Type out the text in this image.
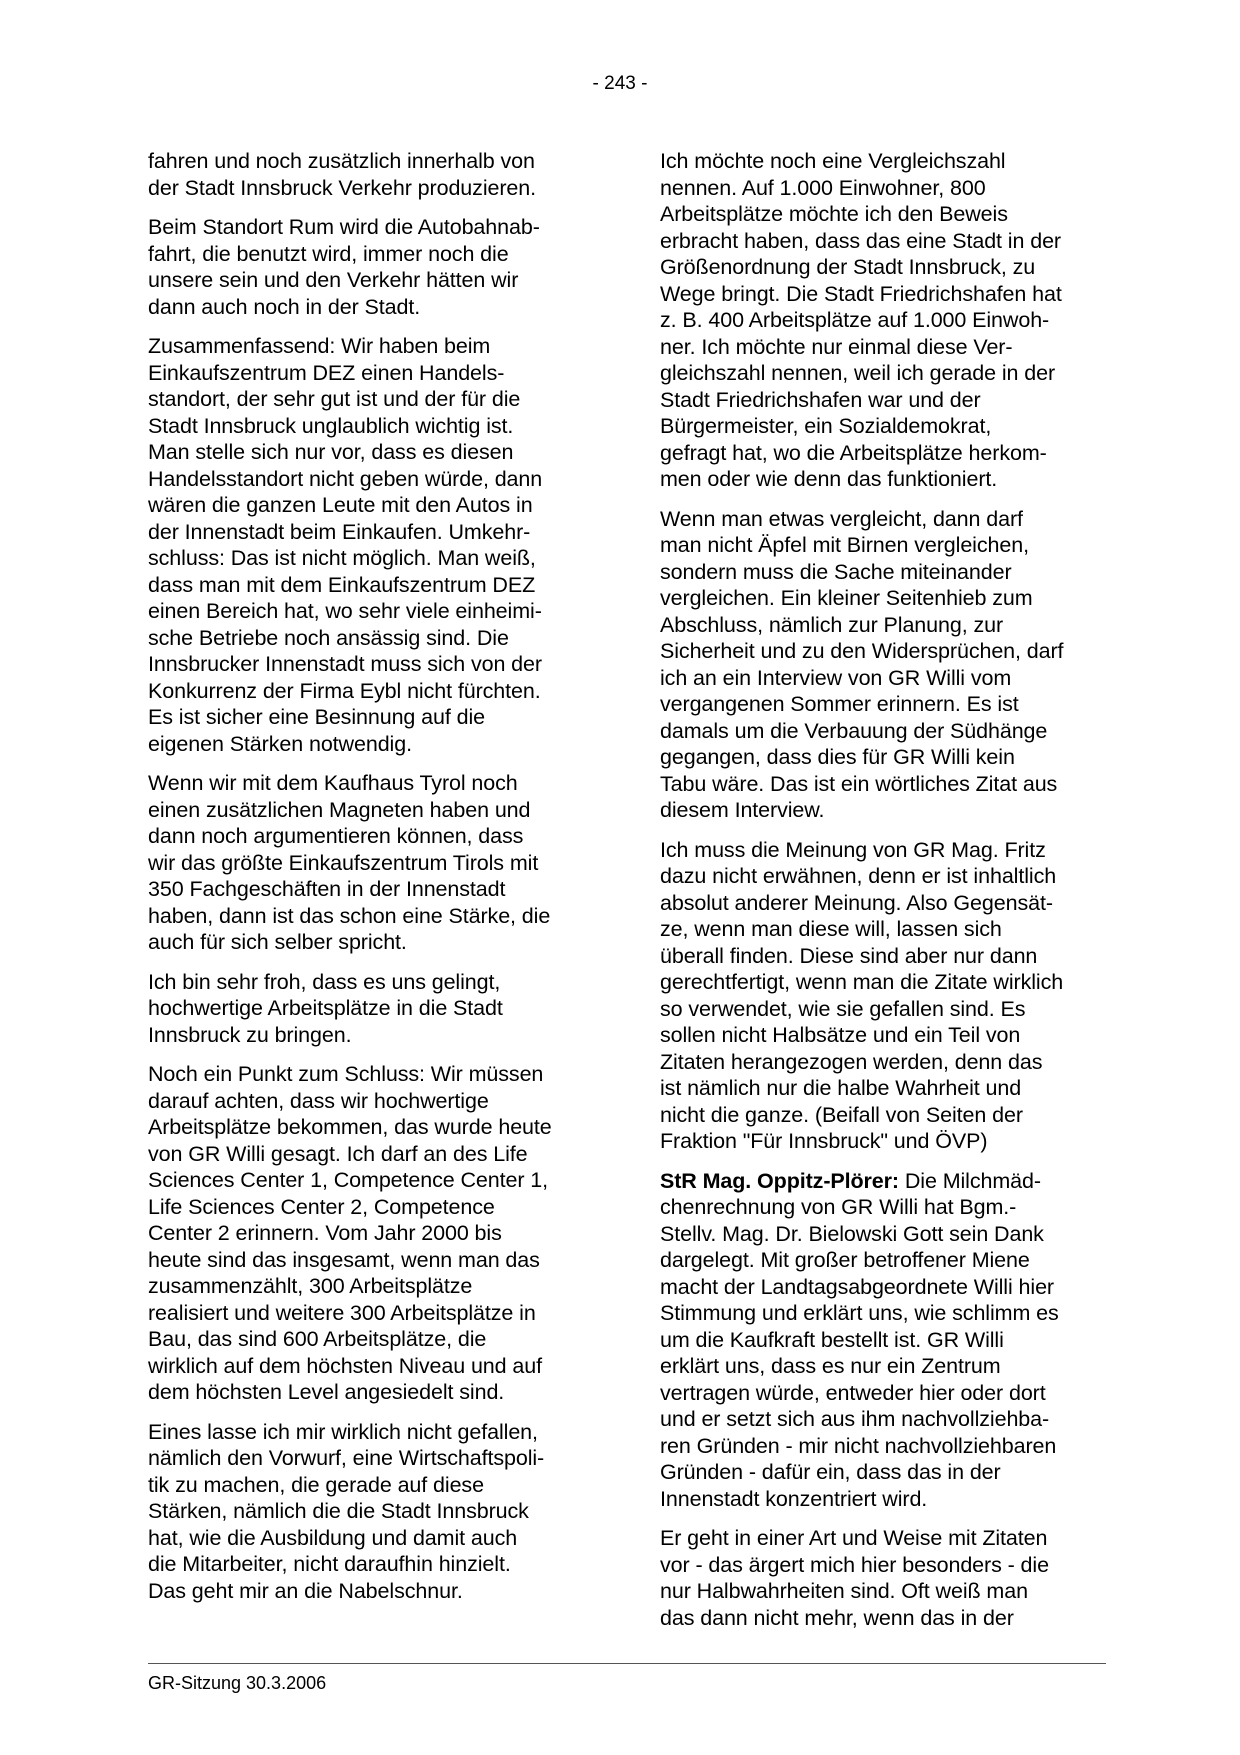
- 243 -

fahren und noch zusätzlich innerhalb von
der Stadt Innsbruck Verkehr produzieren.

Beim Standort Rum wird die Autobahnab-
fahrt, die benutzt wird, immer noch die
unsere sein und den Verkehr hätten wir
dann auch noch in der Stadt.

Zusammenfassend: Wir haben beim
Einkaufszentrum DEZ einen Handels-
standort, der sehr gut ist und der für die
Stadt Innsbruck unglaublich wichtig ist.
Man stelle sich nur vor, dass es diesen
Handelsstandort nicht geben würde, dann
wären die ganzen Leute mit den Autos in
der Innenstadt beim Einkaufen. Umkehr-
schluss: Das ist nicht möglich. Man weiß,
dass man mit dem Einkaufszentrum DEZ
einen Bereich hat, wo sehr viele einheimi-
sche Betriebe noch ansässig sind. Die
Innsbrucker Innenstadt muss sich von der
Konkurrenz der Firma Eybl nicht fürchten.
Es ist sicher eine Besinnung auf die
eigenen Stärken notwendig.

Wenn wir mit dem Kaufhaus Tyrol noch
einen zusätzlichen Magneten haben und
dann noch argumentieren können, dass
wir das größte Einkaufszentrum Tirols mit
350 Fachgeschäften in der Innenstadt
haben, dann ist das schon eine Stärke, die
auch für sich selber spricht.

Ich bin sehr froh, dass es uns gelingt,
hochwertige Arbeitsplätze in die Stadt
Innsbruck zu bringen.

Noch ein Punkt zum Schluss: Wir müssen
darauf achten, dass wir hochwertige
Arbeitsplätze bekommen, das wurde heute
von GR Willi gesagt. Ich darf an des Life
Sciences Center 1, Competence Center 1,
Life Sciences Center 2, Competence
Center 2 erinnern. Vom Jahr 2000 bis
heute sind das insgesamt, wenn man das
zusammenzählt, 300 Arbeitsplätze
realisiert und weitere 300 Arbeitsplätze in
Bau, das sind 600 Arbeitsplätze, die
wirklich auf dem höchsten Niveau und auf
dem höchsten Level angesiedelt sind.

Eines lasse ich mir wirklich nicht gefallen,
nämlich den Vorwurf, eine Wirtschaftspoli-
tik zu machen, die gerade auf diese
Stärken, nämlich die die Stadt Innsbruck
hat, wie die Ausbildung und damit auch
die Mitarbeiter, nicht daraufhin hinzielt.
Das geht mir an die Nabelschnur.

Ich möchte noch eine Vergleichszahl
nennen. Auf 1.000 Einwohner, 800
Arbeitsplätze möchte ich den Beweis
erbracht haben, dass das eine Stadt in der
Größenordnung der Stadt Innsbruck, zu
Wege bringt. Die Stadt Friedrichshafen hat
z. B. 400 Arbeitsplätze auf 1.000 Einwoh-
ner. Ich möchte nur einmal diese Ver-
gleichszahl nennen, weil ich gerade in der
Stadt Friedrichshafen war und der
Bürgermeister, ein Sozialdemokrat,
gefragt hat, wo die Arbeitsplätze herkom-
men oder wie denn das funktioniert.

Wenn man etwas vergleicht, dann darf
man nicht Äpfel mit Birnen vergleichen,
sondern muss die Sache miteinander
vergleichen. Ein kleiner Seitenhieb zum
Abschluss, nämlich zur Planung, zur
Sicherheit und zu den Widersprüchen, darf
ich an ein Interview von GR Willi vom
vergangenen Sommer erinnern. Es ist
damals um die Verbauung der Südhänge
gegangen, dass dies für GR Willi kein
Tabu wäre. Das ist ein wörtliches Zitat aus
diesem Interview.

Ich muss die Meinung von GR Mag. Fritz
dazu nicht erwähnen, denn er ist inhaltlich
absolut anderer Meinung. Also Gegensät-
ze, wenn man diese will, lassen sich
überall finden. Diese sind aber nur dann
gerechtfertigt, wenn man die Zitate wirklich
so verwendet, wie sie gefallen sind. Es
sollen nicht Halbsätze und ein Teil von
Zitaten herangezogen werden, denn das
ist nämlich nur die halbe Wahrheit und
nicht die ganze. (Beifall von Seiten der
Fraktion "Für Innsbruck" und ÖVP)

StR Mag. Oppitz-Plörer: Die Milchmäd-
chenrechnung von GR Willi hat Bgm.-
Stellv. Mag. Dr. Bielowski Gott sein Dank
dargelegt. Mit großer betroffener Miene
macht der Landtagsabgeordnete Willi hier
Stimmung und erklärt uns, wie schlimm es
um die Kaufkraft bestellt ist. GR Willi
erklärt uns, dass es nur ein Zentrum
vertragen würde, entweder hier oder dort
und er setzt sich aus ihm nachvollziehba-
ren Gründen - mir nicht nachvollziehbaren
Gründen - dafür ein, dass das in der
Innenstadt konzentriert wird.

Er geht in einer Art und Weise mit Zitaten
vor - das ärgert mich hier besonders - die
nur Halbwahrheiten sind. Oft weiß man
das dann nicht mehr, wenn das in der

GR-Sitzung 30.3.2006
